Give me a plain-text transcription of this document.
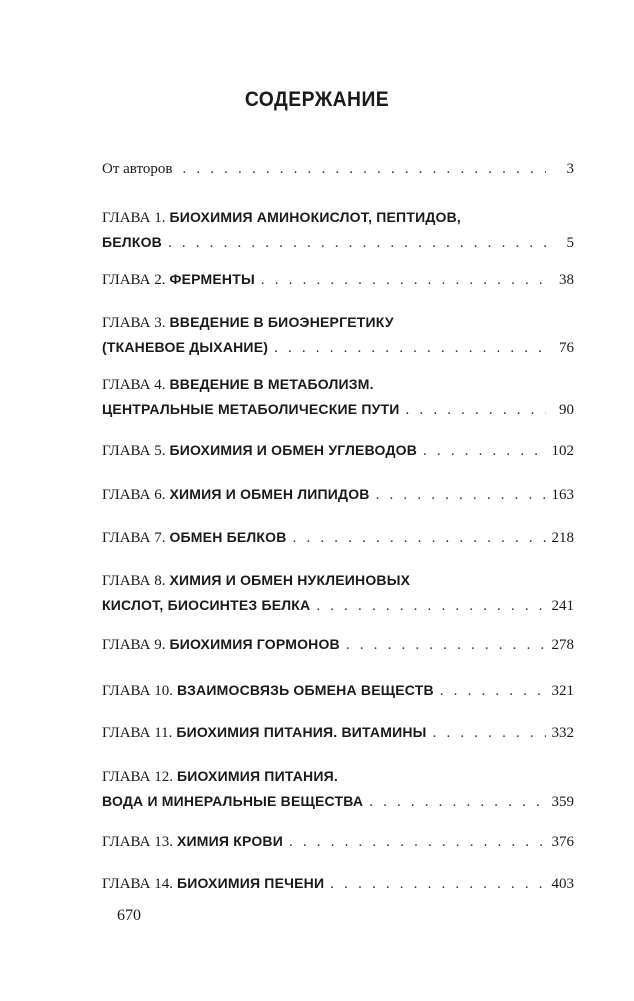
СОДЕРЖАНИЕ
От авторов . . .	3
ГЛАВА 1. БИОХИМИЯ АМИНОКИСЛОТ, ПЕПТИДОВ,
БЕЛКОВ . . .	5
ГЛАВА 2. ФЕРМЕНТЫ . . .	38
ГЛАВА 3. ВВЕДЕНИЕ В БИОЭНЕРГЕТИКУ
(ТКАНЕВОЕ ДЫХАНИЕ) . . .	76
ГЛАВА 4. ВВЕДЕНИЕ В МЕТАБОЛИЗМ.
ЦЕНТРАЛЬНЫЕ МЕТАБОЛИЧЕСКИЕ ПУТИ . . .	90
ГЛАВА 5. БИОХИМИЯ И ОБМЕН УГЛЕВОДОВ . . .	102
ГЛАВА 6. ХИМИЯ И ОБМЕН ЛИПИДОВ . . .	163
ГЛАВА 7. ОБМЕН БЕЛКОВ . . .	218
ГЛАВА 8. ХИМИЯ И ОБМЕН НУКЛЕИНОВЫХ
КИСЛОТ, БИОСИНТЕЗ БЕЛКА . . .	241
ГЛАВА 9. БИОХИМИЯ ГОРМОНОВ . . .	278
ГЛАВА 10. ВЗАИМОСВЯЗЬ ОБМЕНА ВЕЩЕСТВ . . .	321
ГЛАВА 11. БИОХИМИЯ ПИТАНИЯ. ВИТАМИНЫ . . .	332
ГЛАВА 12. БИОХИМИЯ ПИТАНИЯ.
ВОДА И МИНЕРАЛЬНЫЕ ВЕЩЕСТВА . . .	359
ГЛАВА 13. ХИМИЯ КРОВИ . . .	376
ГЛАВА 14. БИОХИМИЯ ПЕЧЕНИ . . .	403
670
